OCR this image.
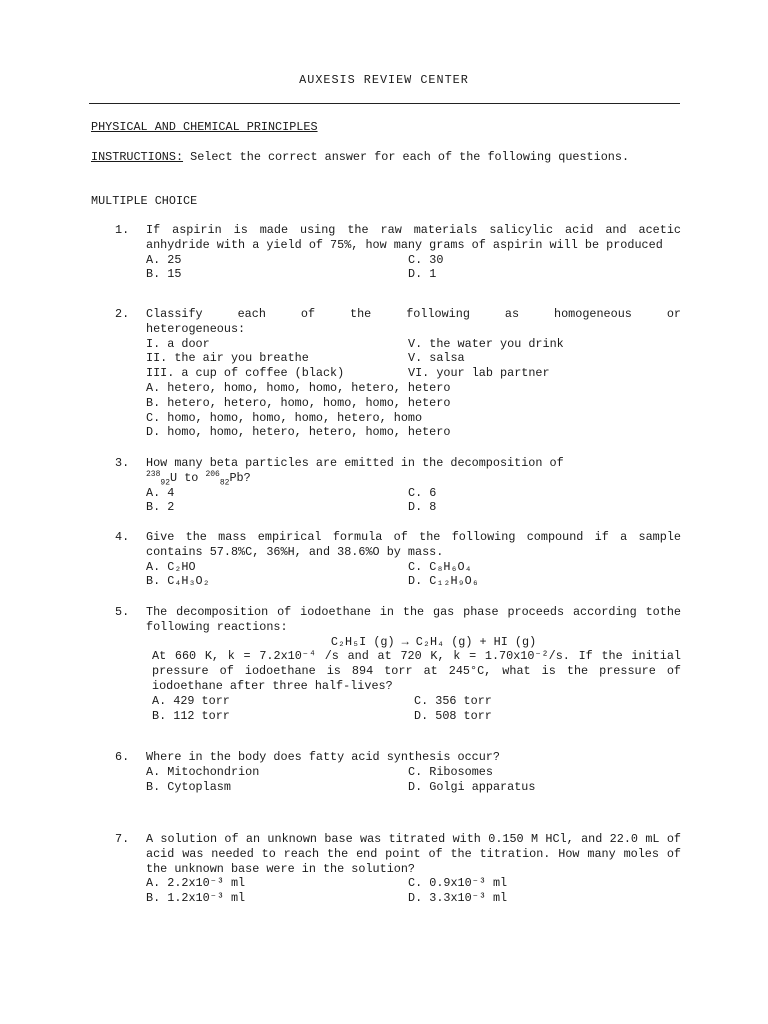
AUXESIS REVIEW CENTER
PHYSICAL AND CHEMICAL PRINCIPLES
INSTRUCTIONS: Select the correct answer for each of the following questions.
MULTIPLE CHOICE
1. If aspirin is made using the raw materials salicylic acid and acetic anhydride with a yield of 75%, how many grams of aspirin will be produced
A. 25	C. 30
B. 15	D. 1
2. Classify	each	of	the	following	as	homogeneous	or
heterogeneous:
I. a door	V. the water you drink
II. the air you breathe	V. salsa
III. a cup of coffee (black)	VI. your lab partner
A. hetero, homo, homo, homo, hetero, hetero
B. hetero, hetero, homo, homo, homo, hetero
C. homo, homo, homo, homo, hetero, homo
D. homo, homo, hetero, hetero, homo, hetero
3. How many beta particles are emitted in the decomposition of
$^{238}_{92}$U to $^{206}_{82}$Pb?
A. 4	C. 6
B. 2	D. 8
4. Give the mass empirical formula of the following compound if a sample contains 57.8%C, 36%H, and 38.6%O by mass.
A. C₂HO	C. C₈H₆O₄
B. C₄H₃O₂	D. C₁₂H₉O₆
5. The decomposition of iodoethane in the gas phase proceeds according tothe following reactions:
C₂H₅I (g) → C₂H₄ (g) + HI (g)
At 660 K, k = 7.2x10⁻⁴ /s and at 720 K, k = 1.70x10⁻²/s. If the initial pressure of iodoethane is 894 torr at 245°C, what is the pressure of iodoethane after three half-lives?
A. 429 torr	C. 356 torr
B. 112 torr	D. 508 torr
6. Where in the body does fatty acid synthesis occur?
A. Mitochondrion	C. Ribosomes
B. Cytoplasm	D. Golgi apparatus
7. A solution of an unknown base was titrated with 0.150 M HCl, and 22.0 mL of acid was needed to reach the end point of the titration. How many moles of the unknown base were in the solution?
A. 2.2x10⁻³ ml	C. 0.9x10⁻³ ml
B. 1.2x10⁻³ ml	D. 3.3x10⁻³ ml
